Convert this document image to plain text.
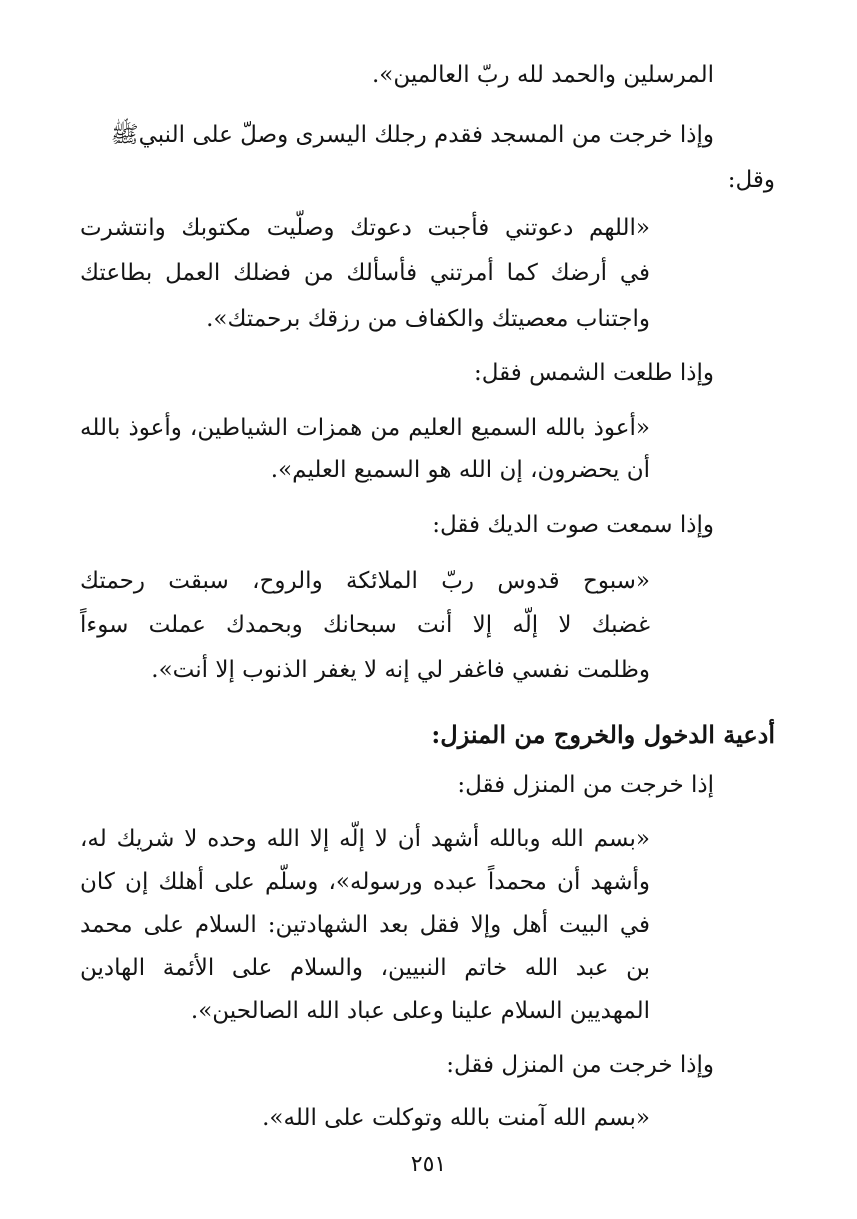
المرسلين والحمد لله ربّ العالمين».
وإذا خرجت من المسجد فقدم رجلك اليسرى وصلّ على النبيﷺ
وقل:
«اللهم دعوتني فأجبت دعوتك وصلّيت مكتوبك وانتشرت
في أرضك كما أمرتني فأسألك من فضلك العمل بطاعتك
واجتناب معصيتك والكفاف من رزقك برحمتك».
وإذا طلعت الشمس فقل:
«أعوذ بالله السميع العليم من همزات الشياطين، وأعوذ بالله
أن يحضرون، إن الله هو السميع العليم».
وإذا سمعت صوت الديك فقل:
«سبوح قدوس ربّ الملائكة والروح، سبقت رحمتك
غضبك لا إلّه إلا أنت سبحانك وبحمدك عملت سوءاً
وظلمت نفسي فاغفر لي إنه لا يغفر الذنوب إلا أنت».
أدعية الدخول والخروج من المنزل:
إذا خرجت من المنزل فقل:
«بسم الله وبالله أشهد أن لا إلّه إلا الله وحده لا شريك له،
وأشهد أن محمداً عبده ورسوله»، وسلّم على أهلك إن كان
في البيت أهل وإلا فقل بعد الشهادتين: السلام على محمد
بن عبد الله خاتم النبيين، والسلام على الأئمة الهادين
المهديين السلام علينا وعلى عباد الله الصالحين».
وإذا خرجت من المنزل فقل:
«بسم الله آمنت بالله وتوكلت على الله».
٢٥١
